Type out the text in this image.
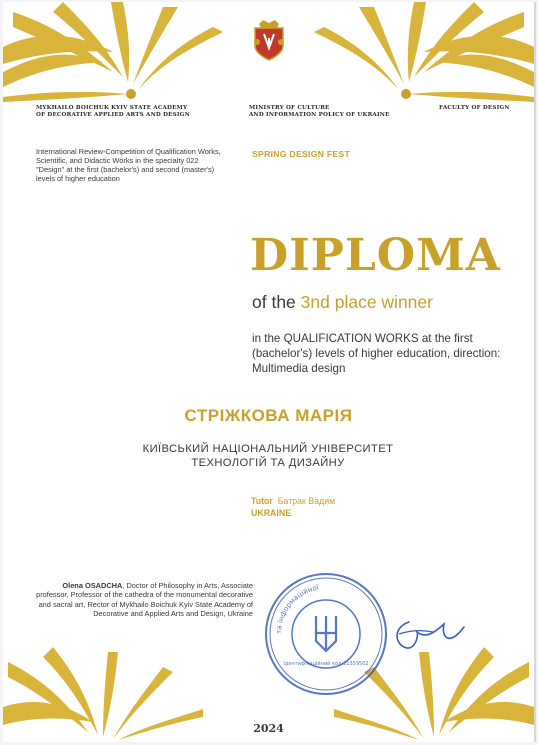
MYKHAILO BOICHUK KYIV STATE ACADEMY
OF DECORATIVE APPLIED ARTS AND DESIGN
MINISTRY OF CULTURE
AND INFORMATION POLICY OF UKRAINE
FACULTY OF DESIGN
International Review-Competition of Qualification Works, Scientific, and Didactic Works in the specialty 022 "Design" at the first (bachelor's) and second (master's) levels of higher education
SPRING DESIGN FEST
DIPLOMA
of the 3nd place winner
in the QUALIFICATION WORKS at the first (bachelor's) levels of higher education, direction: Multimedia design
СТРІЖКОВА МАРІЯ
КИЇВСЬКИЙ НАЦІОНАЛЬНИЙ УНІВЕРСИТЕТ
ТЕХНОЛОГІЙ ТА ДИЗАЙНУ
Tutor Батрак Вадим
UKRAINE
Olena OSADCHA, Doctor of Philosophy in Arts, Associate professor, Professor of the cathedra of the monumental decorative and sacral art, Rector of Mykhailo Boichuk Kyiv State Academy of Decorative and Applied Arts and Design, Ukraine
та інформаційної
Ідентифікаційний код 21359502
2024
